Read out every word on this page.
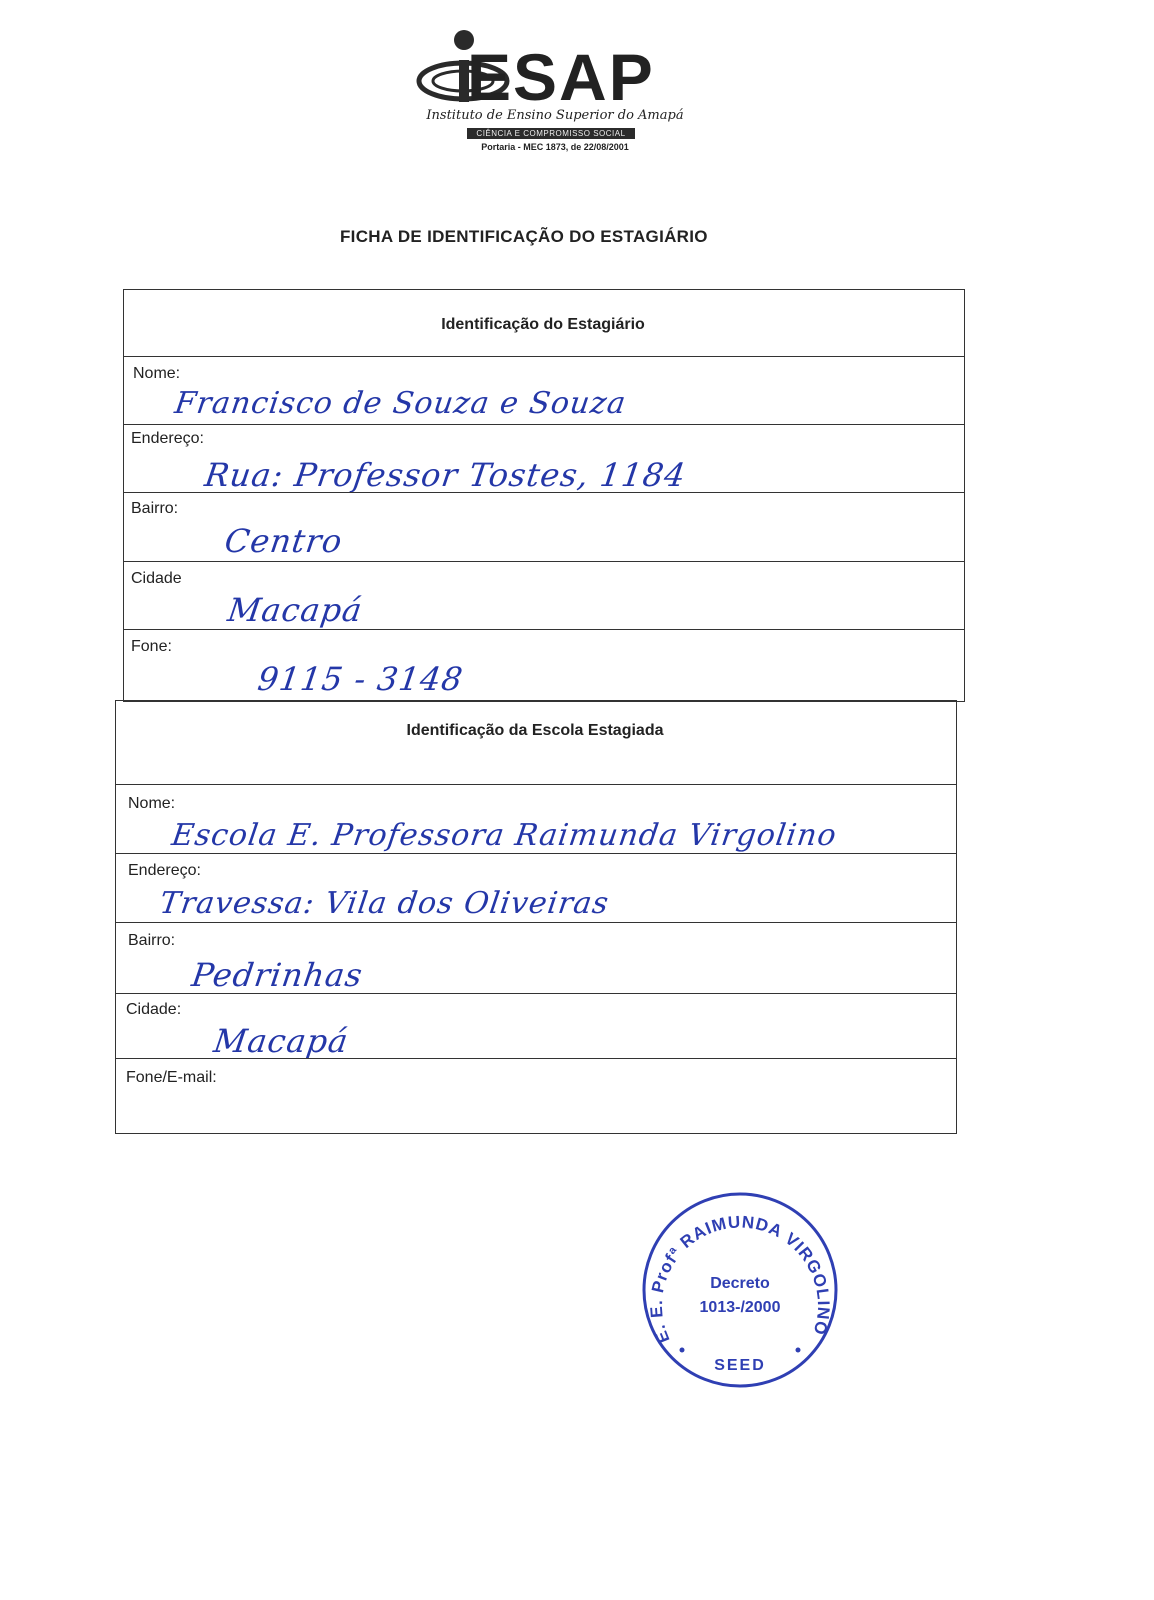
ESAP
Instituto de Ensino Superior do Amapá
CIÊNCIA E COMPROMISSO SOCIAL
Portaria - MEC 1873, de 22/08/2001
FICHA DE IDENTIFICAÇÃO DO ESTAGIÁRIO
Identificação do Estagiário
Nome:
Francisco de Souza e Souza
Endereço:
Rua: Professor Tostes, 1184
Bairro:
Centro
Cidade
Macapá
Fone:
9115 - 3148
Identificação da Escola Estagiada
Nome:
Escola E. Professora Raimunda Virgolino
Endereço:
Travessa: Vila dos Oliveiras
Bairro:
Pedrinhas
Cidade:
Macapá
Fone/E-mail:
E. E. Profª RAIMUNDA VIRGOLINO
Decreto
1013-/2000
SEED
